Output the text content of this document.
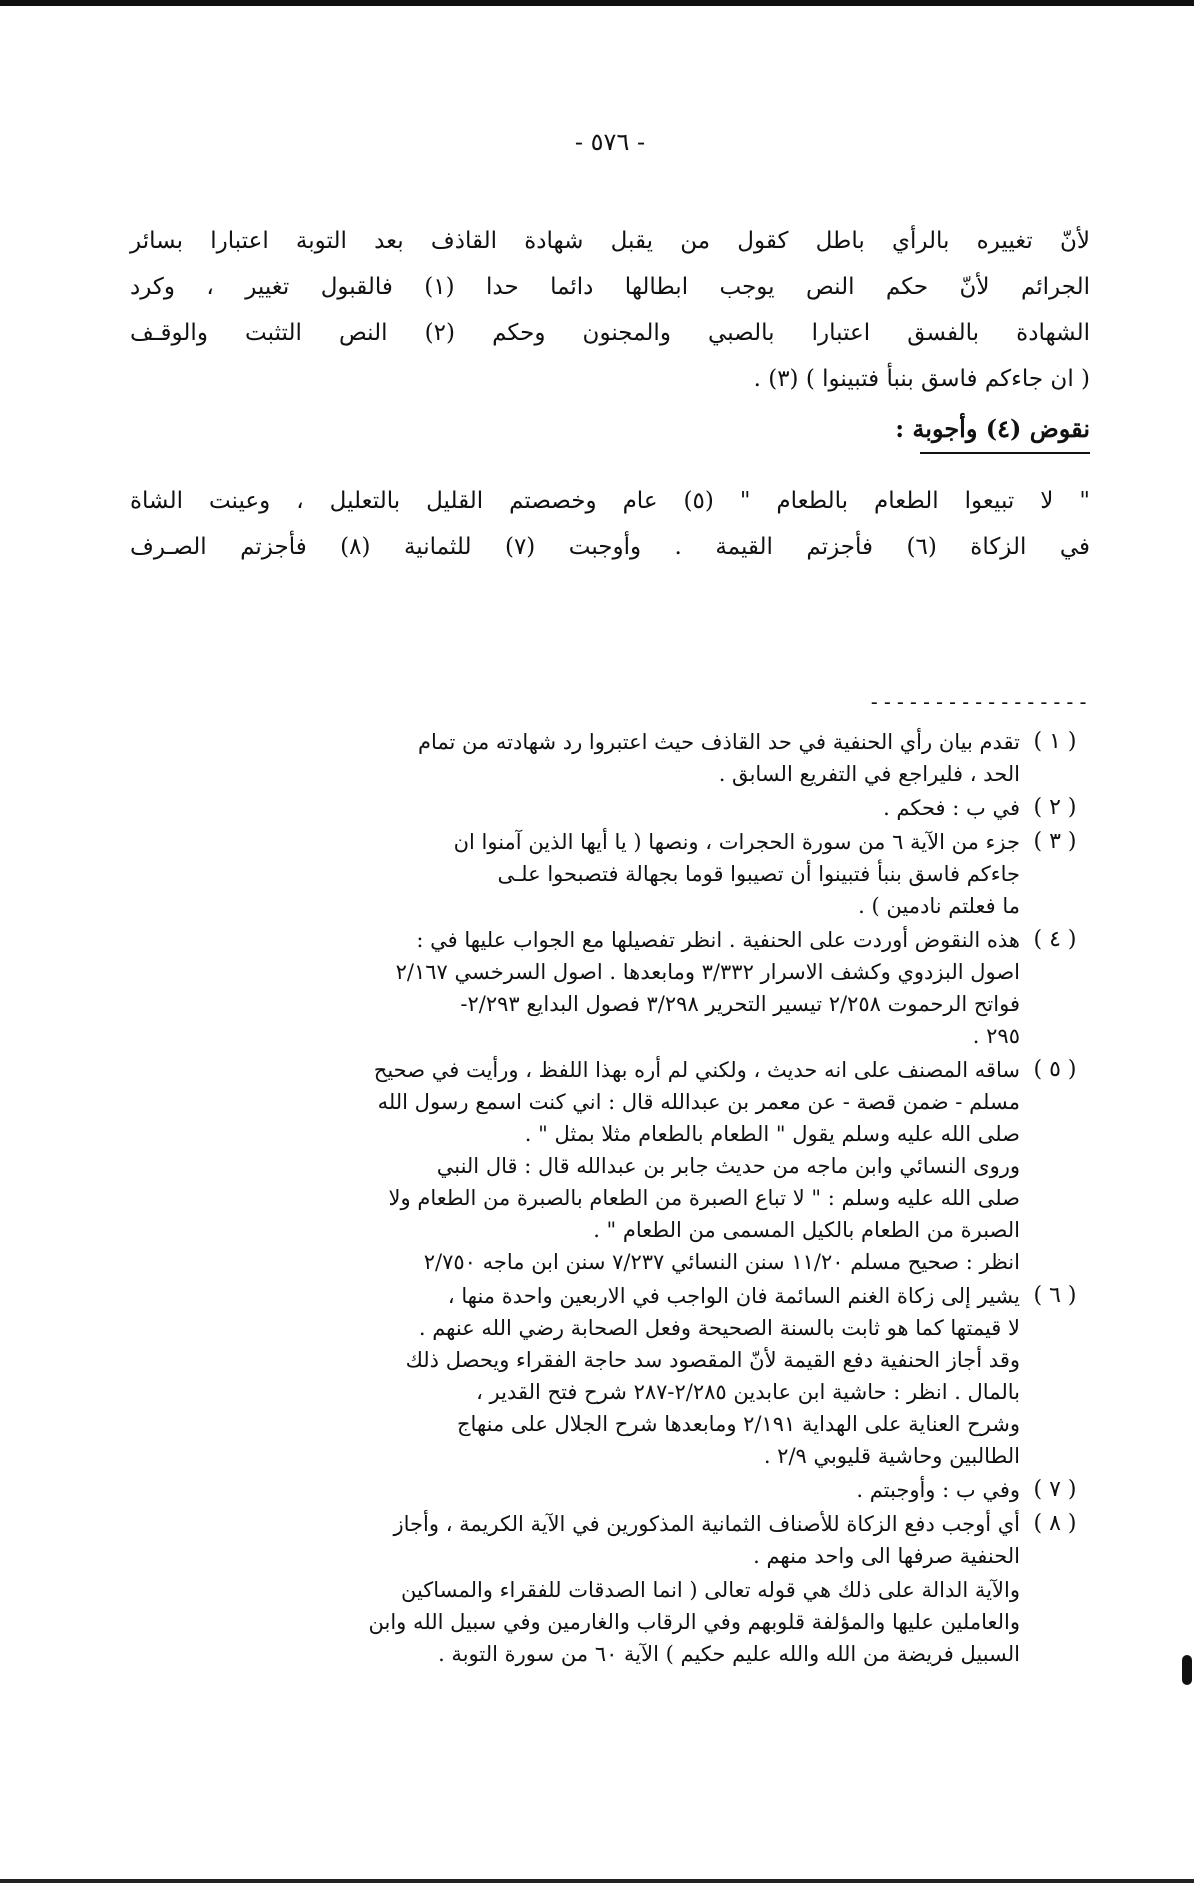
- ٥٧٦ -
لأنّ تغييره بالرأي باطل كقول من يقبل شهادة القاذف بعد التوبة اعتبارا بسائر
الجرائم لأنّ حكم النص يوجب ابطالها دائما حدا (١) فالقبول تغيير ، وكرد
الشهادة بالفسق اعتبارا بالصبي والمجنون وحكم (٢) النص التثبت والوقـف
( ان جاءكم فاسق بنبأ فتبينوا ) (٣) .
نقوض (٤) وأجوبة :
" لا تبيعوا الطعام بالطعام " (٥) عام وخصصتم القليل بالتعليل ، وعينت الشاة
في الزكاة (٦) فأجزتم القيمة . وأوجبت (٧) للثمانية (٨) فأجزتم الصـرف
-----------------
( ١ )
تقدم بيان رأي الحنفية في حد القاذف حيث اعتبروا رد شهادته من تمام
الحد ، فليراجع في التفريع السابق .
( ٢ )
في ب : فحكم .
( ٣ )
جزء من الآية ٦ من سورة الحجرات ، ونصها ( يا أيها الذين آمنوا ان
جاءكم فاسق بنبأ فتبينوا أن تصيبوا قوما بجهالة فتصبحوا علـى
ما فعلتم نادمين ) .
( ٤ )
هذه النقوض أوردت على الحنفية . انظر تفصيلها مع الجواب عليها في :
اصول البزدوي وكشف الاسرار ٣/٣٣٢ ومابعدها . اصول السرخسي ٢/١٦٧
فواتح الرحموت ٢/٢٥٨ تيسير التحرير ٣/٢٩٨ فصول البدايع ٢/٢٩٣-
٢٩٥ .
( ٥ )
ساقه المصنف على انه حديث ، ولكني لم أره بهذا اللفظ ، ورأيت في صحيح
مسلم - ضمن قصة - عن معمر بن عبدالله قال : اني كنت اسمع رسول الله
صلى الله عليه وسلم يقول " الطعام بالطعام مثلا بمثل " .
وروى النسائي وابن ماجه من حديث جابر بن عبدالله قال : قال النبي
صلى الله عليه وسلم : " لا تباع الصبرة من الطعام بالصبرة من الطعام ولا
الصبرة من الطعام بالكيل المسمى من الطعام " .
انظر : صحيح مسلم ١١/٢٠ سنن النسائي ٧/٢٣٧ سنن ابن ماجه ٢/٧٥٠
( ٦ )
يشير إلى زكاة الغنم السائمة فان الواجب في الاربعين واحدة منها ،
لا قيمتها كما هو ثابت بالسنة الصحيحة وفعل الصحابة رضي الله عنهم .
وقد أجاز الحنفية دفع القيمة لأنّ المقصود سد حاجة الفقراء ويحصل ذلك
بالمال . انظر : حاشية ابن عابدين ٢/٢٨٥-٢٨٧ شرح فتح القدير ،
وشرح العناية على الهداية ٢/١٩١ ومابعدها شرح الجلال على منهاج
الطالبين وحاشية قليوبي ٢/٩ .
( ٧ )
وفي ب : وأوجبتم .
( ٨ )
أي أوجب دفع الزكاة للأصناف الثمانية المذكورين في الآية الكريمة ، وأجاز
الحنفية صرفها الى واحد منهم .
والآية الدالة على ذلك هي قوله تعالى ( انما الصدقات للفقراء والمساكين
والعاملين عليها والمؤلفة قلوبهم وفي الرقاب والغارمين وفي سبيل الله وابن
السبيل فريضة من الله والله عليم حكيم ) الآية ٦٠ من سورة التوبة .
